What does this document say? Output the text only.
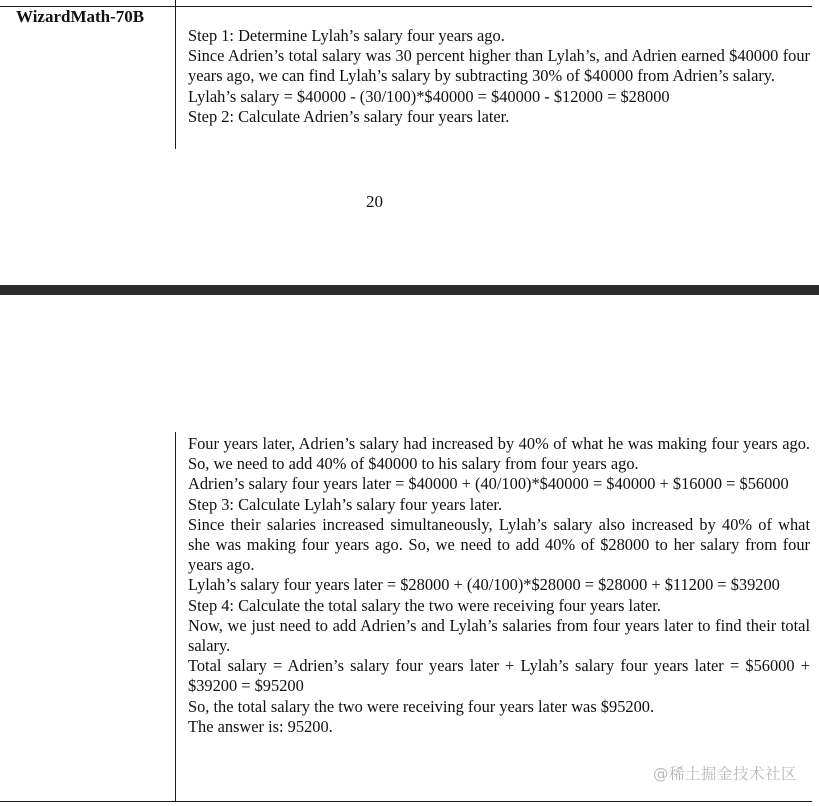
WizardMath-70B

Step 1: Determine Lylah’s salary four years ago.

Since Adrien’s total salary was 30 percent higher than Lylah’s, and Adrien earned $40000 four years ago, we can find Lylah’s salary by subtracting 30% of $40000 from Adrien’s salary.

Lylah’s salary = $40000 - (30/100)*$40000 = $40000 - $12000 = $28000

Step 2: Calculate Adrien’s salary four years later.

20

Four years later, Adrien’s salary had increased by 40% of what he was making four years ago. So, we need to add 40% of $40000 to his salary from four years ago.

Adrien’s salary four years later = $40000 + (40/100)*$40000 = $40000 + $16000 = $56000

Step 3: Calculate Lylah’s salary four years later.

Since their salaries increased simultaneously, Lylah’s salary also increased by 40% of what she was making four years ago. So, we need to add 40% of $28000 to her salary from four years ago.

Lylah’s salary four years later = $28000 + (40/100)*$28000 = $28000 + $11200 = $39200

Step 4: Calculate the total salary the two were receiving four years later.

Now, we just need to add Adrien’s and Lylah’s salaries from four years later to find their total salary.

Total salary = Adrien’s salary four years later + Lylah’s salary four years later = $56000 + $39200 = $95200

So, the total salary the two were receiving four years later was $95200.

The answer is: 95200.

@稀土掘金技术社区
